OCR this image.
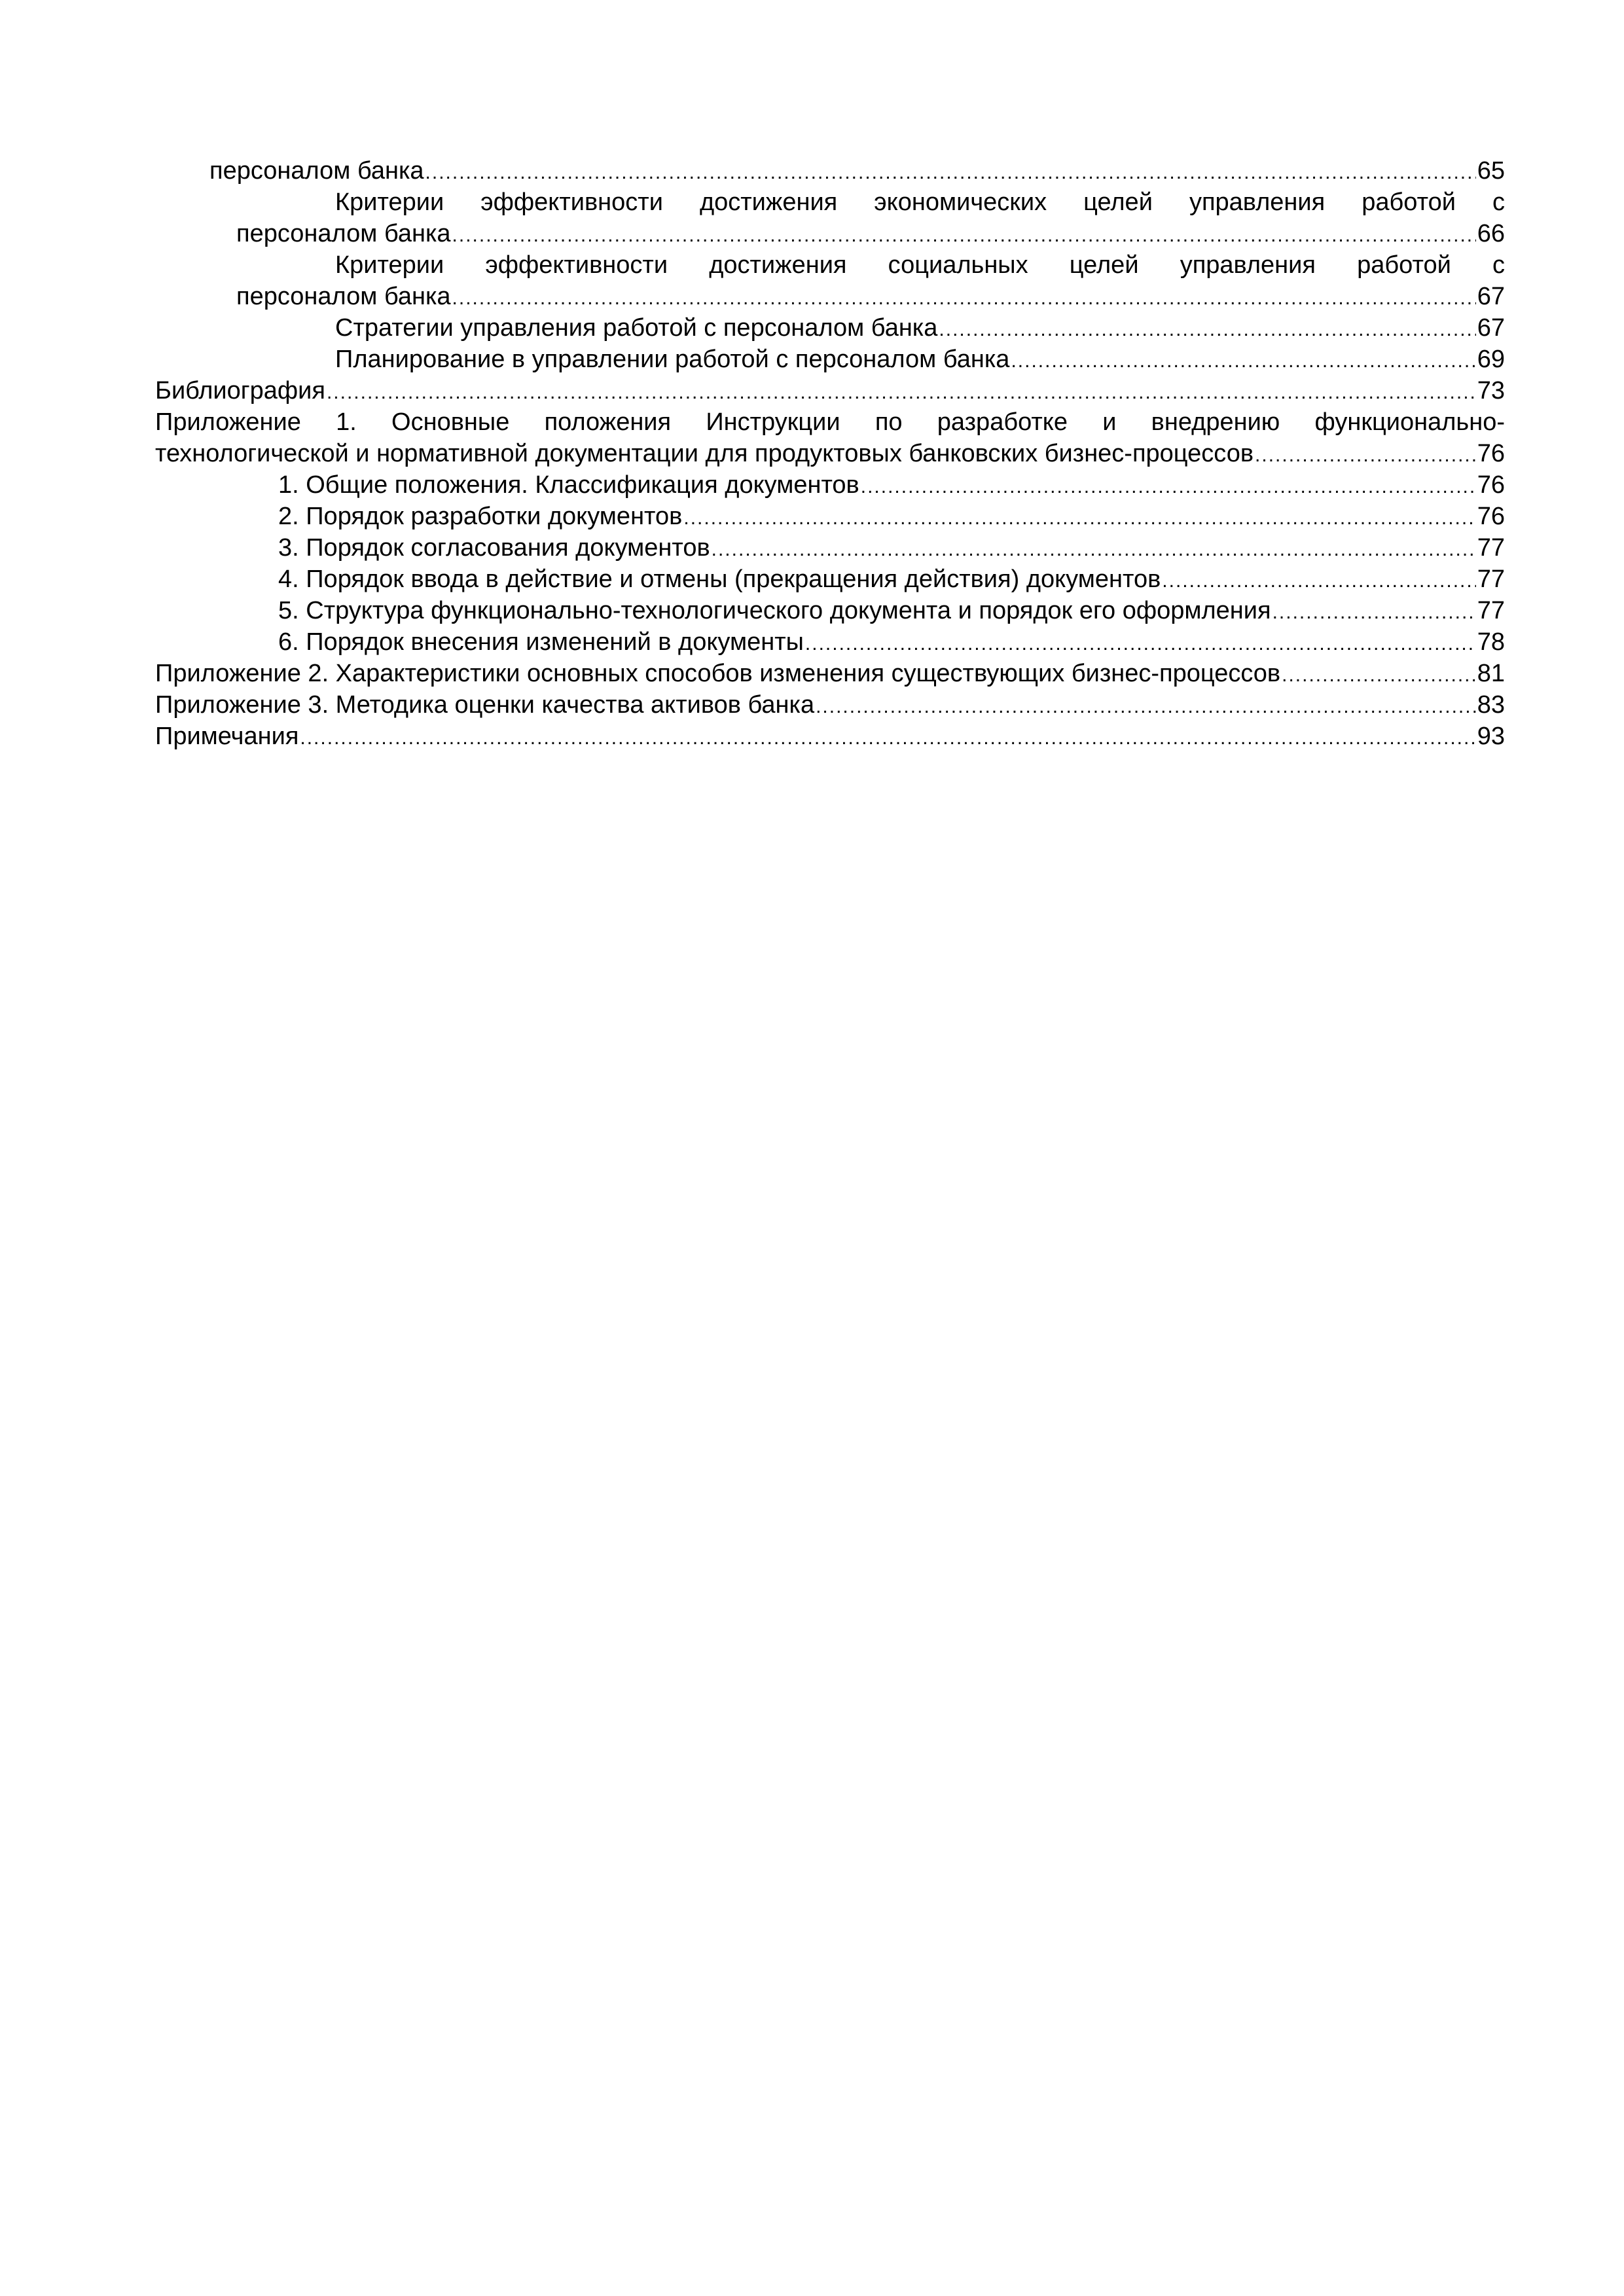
персоналом банка .....	65
Критерии эффективности достижения экономических целей управления работой с
персоналом банка .....	66
Критерии эффективности достижения социальных целей управления работой с
персоналом банка .....	67
Стратегии управления работой с персоналом банка .....	67
Планирование в управлении работой с персоналом банка .....	69
Библиография .....	73
Приложение 1. Основные положения Инструкции по разработке и внедрению функционально-
технологической и нормативной документации для продуктовых банковских бизнес-процессов .....	76
1. Общие положения. Классификация документов .....	76
2. Порядок разработки документов .....	76
3. Порядок согласования документов .....	77
4. Порядок ввода в действие и отмены (прекращения действия) документов .....	77
5. Структура функционально-технологического документа и порядок его оформления .....	77
6. Порядок внесения изменений в документы .....	78
Приложение 2. Характеристики основных способов изменения существующих бизнес-процессов .....	81
Приложение 3. Методика оценки качества активов банка .....	83
Примечания .....	93
